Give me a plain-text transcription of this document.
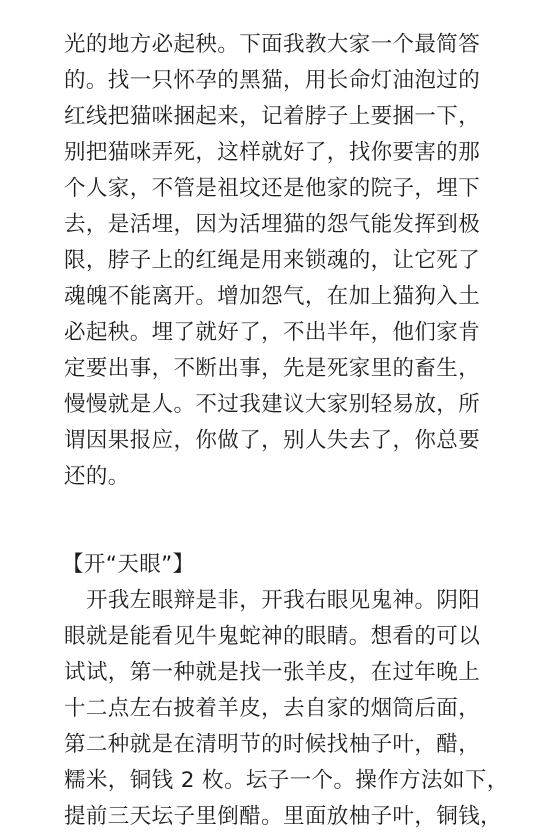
光的地方必起秧。下面我教大家一个最简答
的。找一只怀孕的黑猫，用长命灯油泡过的
红线把猫咪捆起来，记着脖子上要捆一下，
别把猫咪弄死，这样就好了，找你要害的那
个人家，不管是祖坟还是他家的院子，埋下
去，是活埋，因为活埋猫的怨气能发挥到极
限，脖子上的红绳是用来锁魂的，让它死了
魂魄不能离开。增加怨气，在加上猫狗入土
必起秧。埋了就好了，不出半年，他们家肯
定要出事，不断出事，先是死家里的畜生，
慢慢就是人。不过我建议大家别轻易放，所
谓因果报应，你做了，别人失去了，你总要
还的。
【开“天眼”】
开我左眼辩是非，开我右眼见鬼神。阴阳
眼就是能看见牛鬼蛇神的眼睛。想看的可以
试试，第一种就是找一张羊皮，在过年晚上
十二点左右披着羊皮，去自家的烟筒后面，
第二种就是在清明节的时候找柚子叶，醋，
糯米，铜钱 2 枚。坛子一个。操作方法如下，
提前三天坛子里倒醋。里面放柚子叶，铜钱，
